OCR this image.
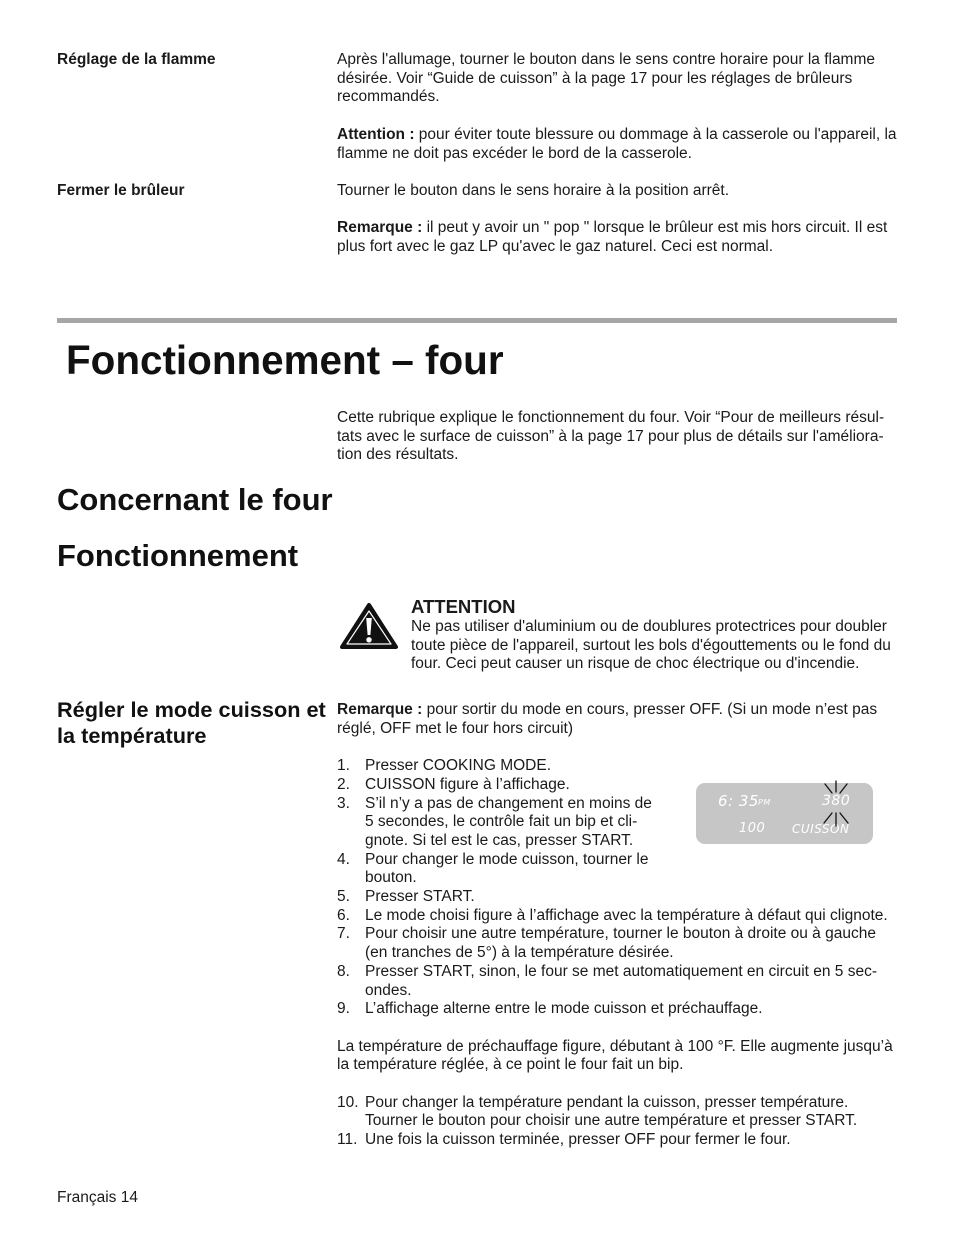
Réglage de la flamme
Fermer le brûleur
Après l'allumage, tourner le bouton dans le sens contre horaire pour la flamme
désirée. Voir “Guide de cuisson” à la page 17 pour les réglages de brûleurs
recommandés.
Attention : pour éviter toute blessure ou dommage à la casserole ou l'appareil, la
flamme ne doit pas excéder le bord de la casserole.
Tourner le bouton dans le sens horaire à la position arrêt.
Remarque : il peut y avoir un " pop " lorsque le brûleur est mis hors circuit. Il est
plus fort avec le gaz LP qu'avec le gaz naturel. Ceci est normal.
Fonctionnement – four
Cette rubrique explique le fonctionnement du four. Voir “Pour de meilleurs résul-
tats avec le surface de cuisson” à la page 17 pour plus de détails sur l'améliora-
tion des résultats.
Concernant le four
Fonctionnement
ATTENTION
Ne pas utiliser d'aluminium ou de doublures protectrices pour doubler
toute pièce de l'appareil, surtout les bols d'égouttements ou le fond du
four. Ceci peut causer un risque de choc électrique ou d'incendie.
Régler le mode cuisson et
la température
Remarque : pour sortir du mode en cours, presser OFF. (Si un mode n’est pas
réglé, OFF met le four hors circuit)
1. Presser COOKING MODE.
2. CUISSON figure à l’affichage.
3. S’il n’y a pas de changement en moins de
5 secondes, le contrôle fait un bip et cli-
gnote. Si tel est le cas, presser START.
4. Pour changer le mode cuisson, tourner le
bouton.
5. Presser START.
6. Le mode choisi figure à l’affichage avec la température à défaut qui clignote.
7. Pour choisir une autre température, tourner le bouton à droite ou à gauche
(en tranches de 5°) à la température désirée.
8. Presser START, sinon, le four se met automatiquement en circuit en 5 sec-
ondes.
9. L’affichage alterne entre le mode cuisson et préchauffage.
La température de préchauffage figure, débutant à 100 °F. Elle augmente jusqu’à
la température réglée, à ce point le four fait un bip.
10. Pour changer la température pendant la cuisson, presser température.
Tourner le bouton pour choisir une autre température et presser START.
11. Une fois la cuisson terminée, presser OFF pour fermer le four.
6: 35 PM	380
100 CUISSON
Français 14
